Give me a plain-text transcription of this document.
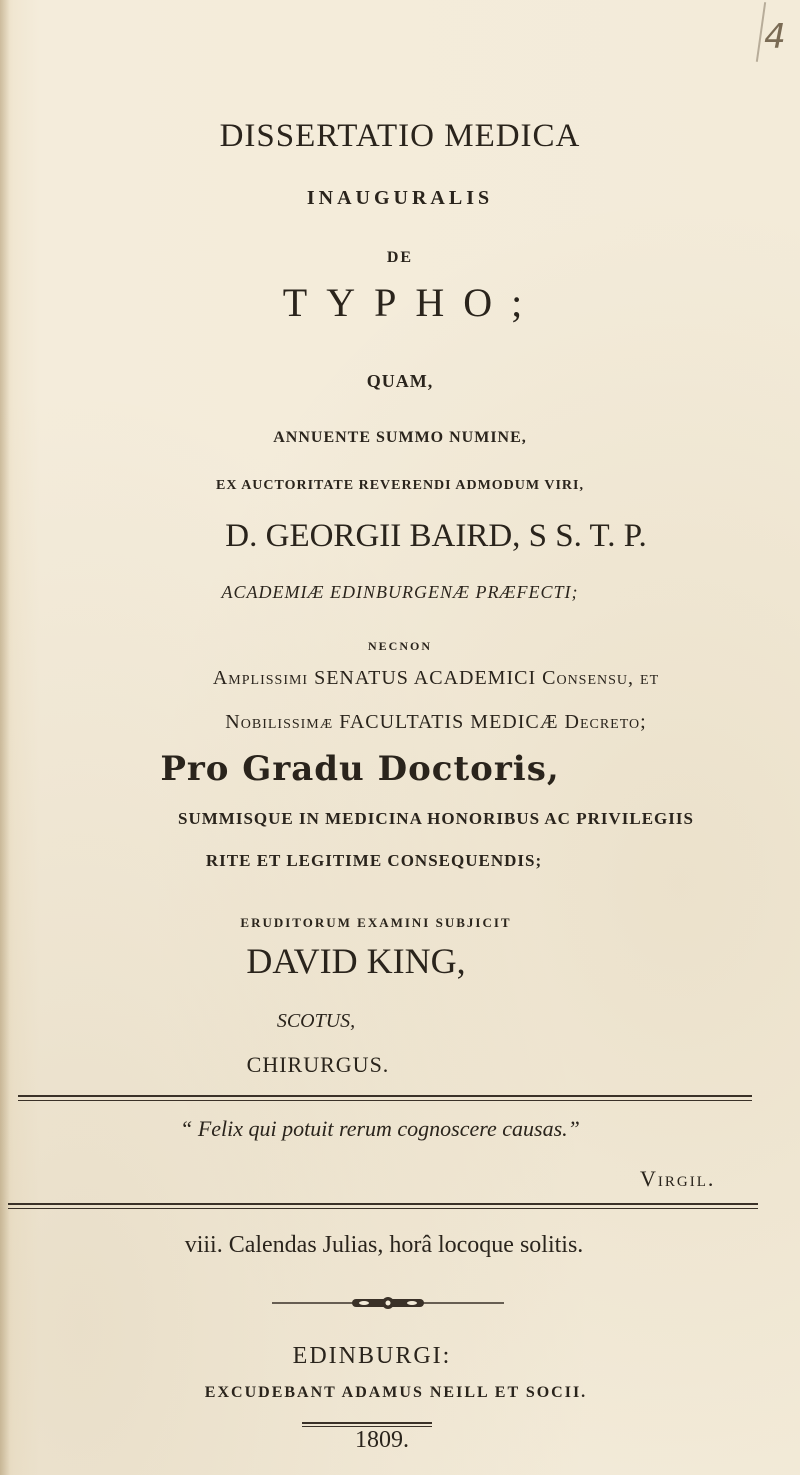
4
DISSERTATIO MEDICA
INAUGURALIS
DE
TYPHO;
QUAM,
ANNUENTE SUMMO NUMINE,
EX AUCTORITATE REVERENDI ADMODUM VIRI,
D. GEORGII BAIRD, S S. T. P.
ACADEMIÆ EDINBURGENÆ PRÆFECTI;
NECNON
Amplissimi SENATUS ACADEMICI Consensu, et
Nobilissimæ FACULTATIS MEDICÆ Decreto;
Pro Gradu Doctoris,
SUMMISQUE IN MEDICINA HONORIBUS AC PRIVILEGIIS
RITE ET LEGITIME CONSEQUENDIS;
ERUDITORUM EXAMINI SUBJICIT
DAVID KING,
SCOTUS,
CHIRURGUS.
“ Felix qui potuit rerum cognoscere causas.”
Virgil.
viii. Calendas Julias, horâ locoque solitis.
EDINBURGI:
EXCUDEBANT ADAMUS NEILL ET SOCII.
1809.
